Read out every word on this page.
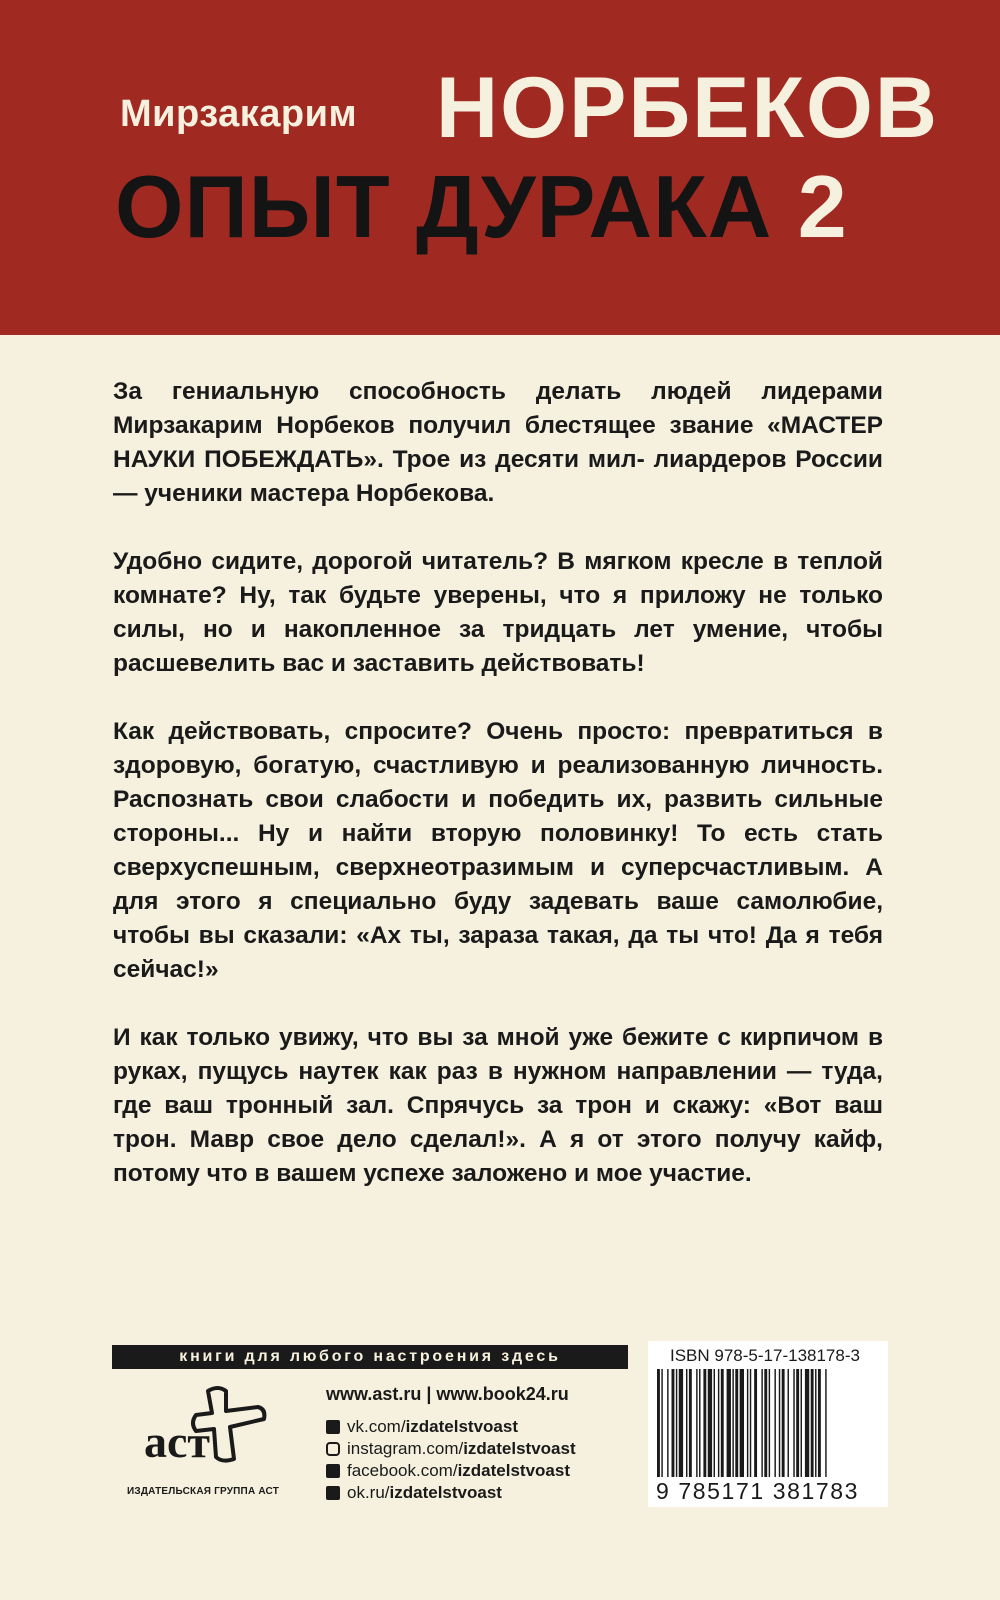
Мирзакарим НОРБЕКОВ
ОПЫТ ДУРАКА 2

За гениальную способность делать людей лидерами Мирзакарим Норбеков получил блестящее звание «МАСТЕР НАУКИ ПОБЕЖДАТЬ». Трое из десяти мил- лиардеров России — ученики мастера Норбекова.

Удобно сидите, дорогой читатель? В мягком кресле в теплой комнате? Ну, так будьте уверены, что я приложу не только силы, но и накопленное за тридцать лет умение, чтобы расшевелить вас и заставить действовать!

Как действовать, спросите? Очень просто: превратиться в здоровую, богатую, счастливую и реализованную личность. Распознать свои слабости и победить их, развить сильные стороны... Ну и найти вторую половинку! То есть стать сверхуспешным, сверхнеотразимым и суперсчастливым. А для этого я специально буду задевать ваше самолюбие, чтобы вы сказали: «Ах ты, зараза такая, да ты что! Да я тебя сейчас!»

И как только увижу, что вы за мной уже бежите с кирпичом в руках, пущусь наутек как раз в нужном направлении — туда, где ваш тронный зал. Спрячусь за трон и скажу: «Вот ваш трон. Мавр свое дело сделал!». А я от этого получу кайф, потому что в вашем успехе заложено и мое участие.

книги для любого настроения здесь
аст
ИЗДАТЕЛЬСКАЯ ГРУППА АСТ
www.ast.ru | www.book24.ru
vk.com/ izdatelstvoast
instagram.com/ izdatelstvoast
facebook.com/ izdatelstvoast
ok.ru/ izdatelstvoast
ISBN 978-5-17-138178-3
9 785171 381783
